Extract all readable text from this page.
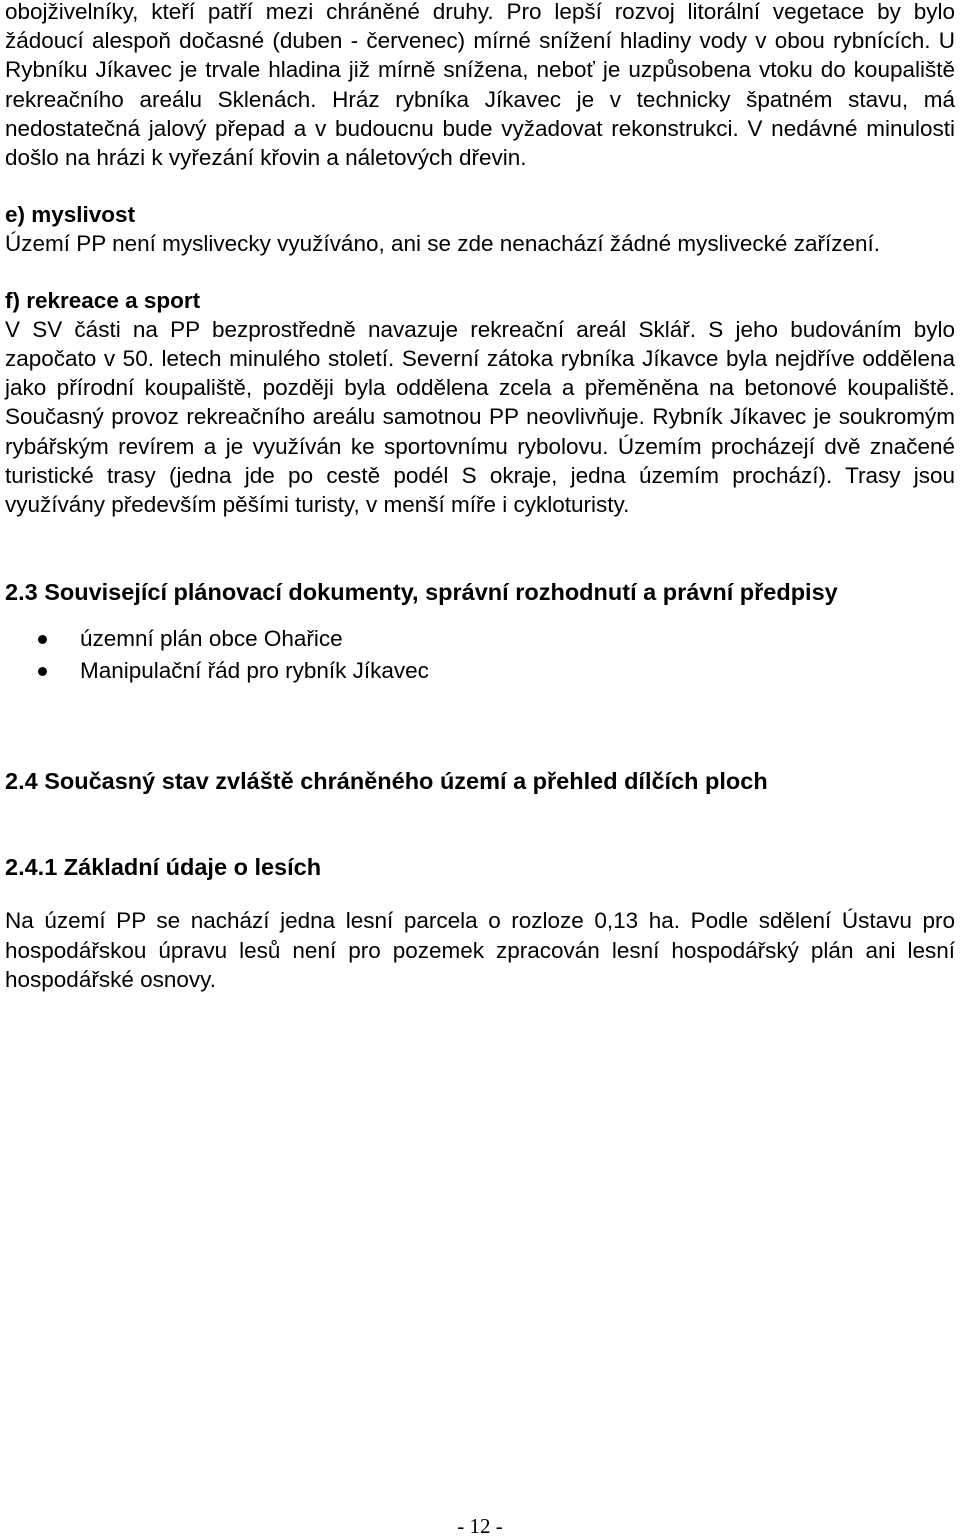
obojživelníky, kteří patří mezi chráněné druhy. Pro lepší rozvoj litorální vegetace by bylo žádoucí alespoň dočasné (duben - červenec) mírné snížení hladiny vody v obou rybnících. U Rybníku Jíkavec je trvale hladina již mírně snížena, neboť je uzpůsobena vtoku do koupaliště rekreačního areálu Sklenách. Hráz rybníka Jíkavec je v technicky špatném stavu, má nedostatečná jalový přepad a v budoucnu bude vyžadovat rekonstrukci. V nedávné minulosti došlo na hrázi k vyřezání křovin a náletových dřevin.

e) myslivost

Území PP není myslivecky využíváno, ani se zde nenachází žádné myslivecké zařízení.

f) rekreace a sport

V SV části na PP bezprostředně navazuje rekreační areál Sklář. S jeho budováním bylo započato v 50. letech minulého století. Severní zátoka rybníka Jíkavce byla nejdříve oddělena jako přírodní koupaliště, později byla oddělena zcela a přeměněna na betonové koupaliště. Současný provoz rekreačního areálu samotnou PP neovlivňuje. Rybník Jíkavec je soukromým rybářským revírem a je využíván ke sportovnímu rybolovu. Územím procházejí dvě značené turistické trasy (jedna jde po cestě podél S okraje, jedna územím prochází). Trasy jsou využívány především pěšími turisty, v menší míře i cykloturisty.

2.3 Související plánovací dokumenty, správní rozhodnutí a právní předpisy

územní plán obce Ohařice
Manipulační řád pro rybník Jíkavec

2.4 Současný stav zvláště chráněného území a přehled dílčích ploch

2.4.1 Základní údaje o lesích

Na území PP se nachází jedna lesní parcela o rozloze 0,13 ha. Podle sdělení Ústavu pro hospodářskou úpravu lesů není pro pozemek zpracován lesní hospodářský plán ani lesní hospodářské osnovy.

- 12 -
